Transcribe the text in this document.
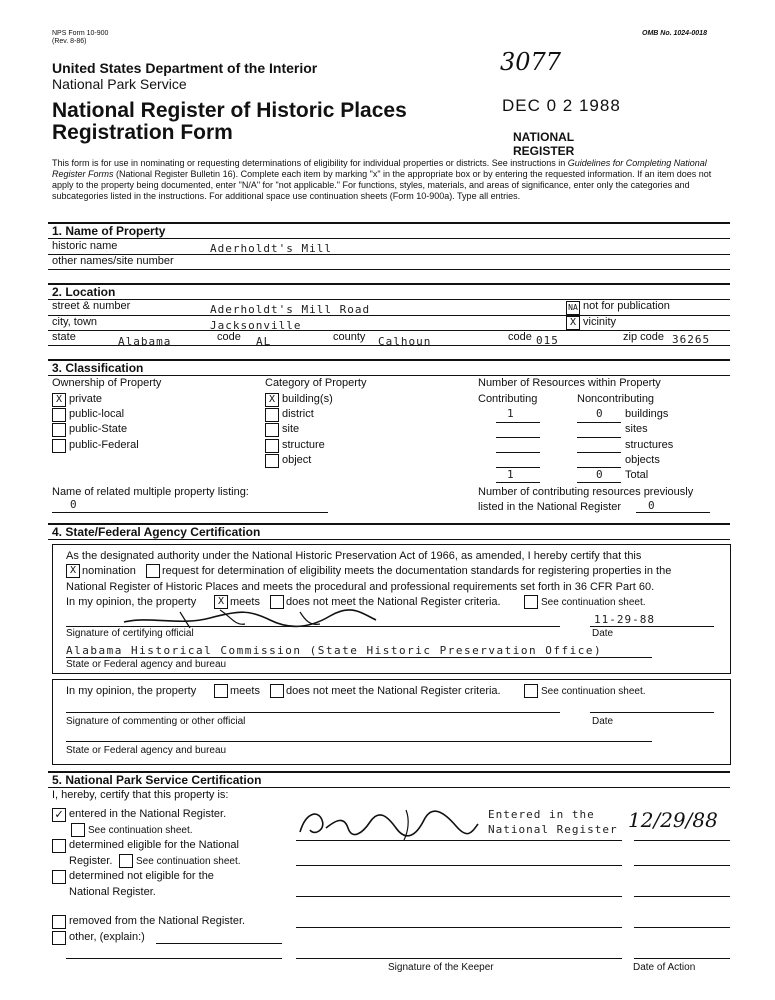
NPS Form 10-900
(Rev. 8-86)
OMB No. 1024-0018
United States Department of the Interior
National Park Service
National Register of Historic Places
Registration Form
3077
DEC 0 2 1988
NATIONAL
REGISTER
This form is for use in nominating or requesting determinations of eligibility for individual properties or districts. See instructions in Guidelines for Completing National Register Forms (National Register Bulletin 16). Complete each item by marking "x" in the appropriate box or by entering the requested information. If an item does not apply to the property being documented, enter "N/A" for "not applicable." For functions, styles, materials, and areas of significance, enter only the categories and subcategories listed in the instructions. For additional space use continuation sheets (Form 10-900a). Type all entries.
1. Name of Property
historic name	Aderholdt's Mill
other names/site number
2. Location
street & number	Aderholdt's Mill Road	NA not for publication
city, town	Jacksonville	X vicinity
state	Alabama	code AL	county Calhoun	code 015	zip code 36265
3. Classification
Ownership of Property
X private
public-local
public-State
public-Federal
Category of Property
X building(s)
district
site
structure
object
Number of Resources within Property
Contributing	Noncontributing
1	0 buildings
sites
structures
objects
1	0 Total
Name of related multiple property listing:
0
Number of contributing resources previously
listed in the National Register 0
4. State/Federal Agency Certification
As the designated authority under the National Historic Preservation Act of 1966, as amended, I hereby certify that this
X nomination request for determination of eligibility meets the documentation standards for registering properties in the
National Register of Historic Places and meets the procedural and professional requirements set forth in 36 CFR Part 60.
In my opinion, the property	X meets does not meet the National Register criteria.	See continuation sheet.
Signature of certifying official
11-29-88
Date
Alabama Historical Commission (State Historic Preservation Office)
State or Federal agency and bureau
In my opinion, the property	meets does not meet the National Register criteria.	See continuation sheet.
Signature of commenting or other official	Date
State or Federal agency and bureau
5. National Park Service Certification
I, hereby, certify that this property is:
✓ entered in the National Register.
See continuation sheet.
determined eligible for the National
Register. See continuation sheet.
determined not eligible for the
National Register.
removed from the National Register.
other, (explain:)
Entered in the
National Register 12/29/88
Signature of the Keeper	Date of Action
